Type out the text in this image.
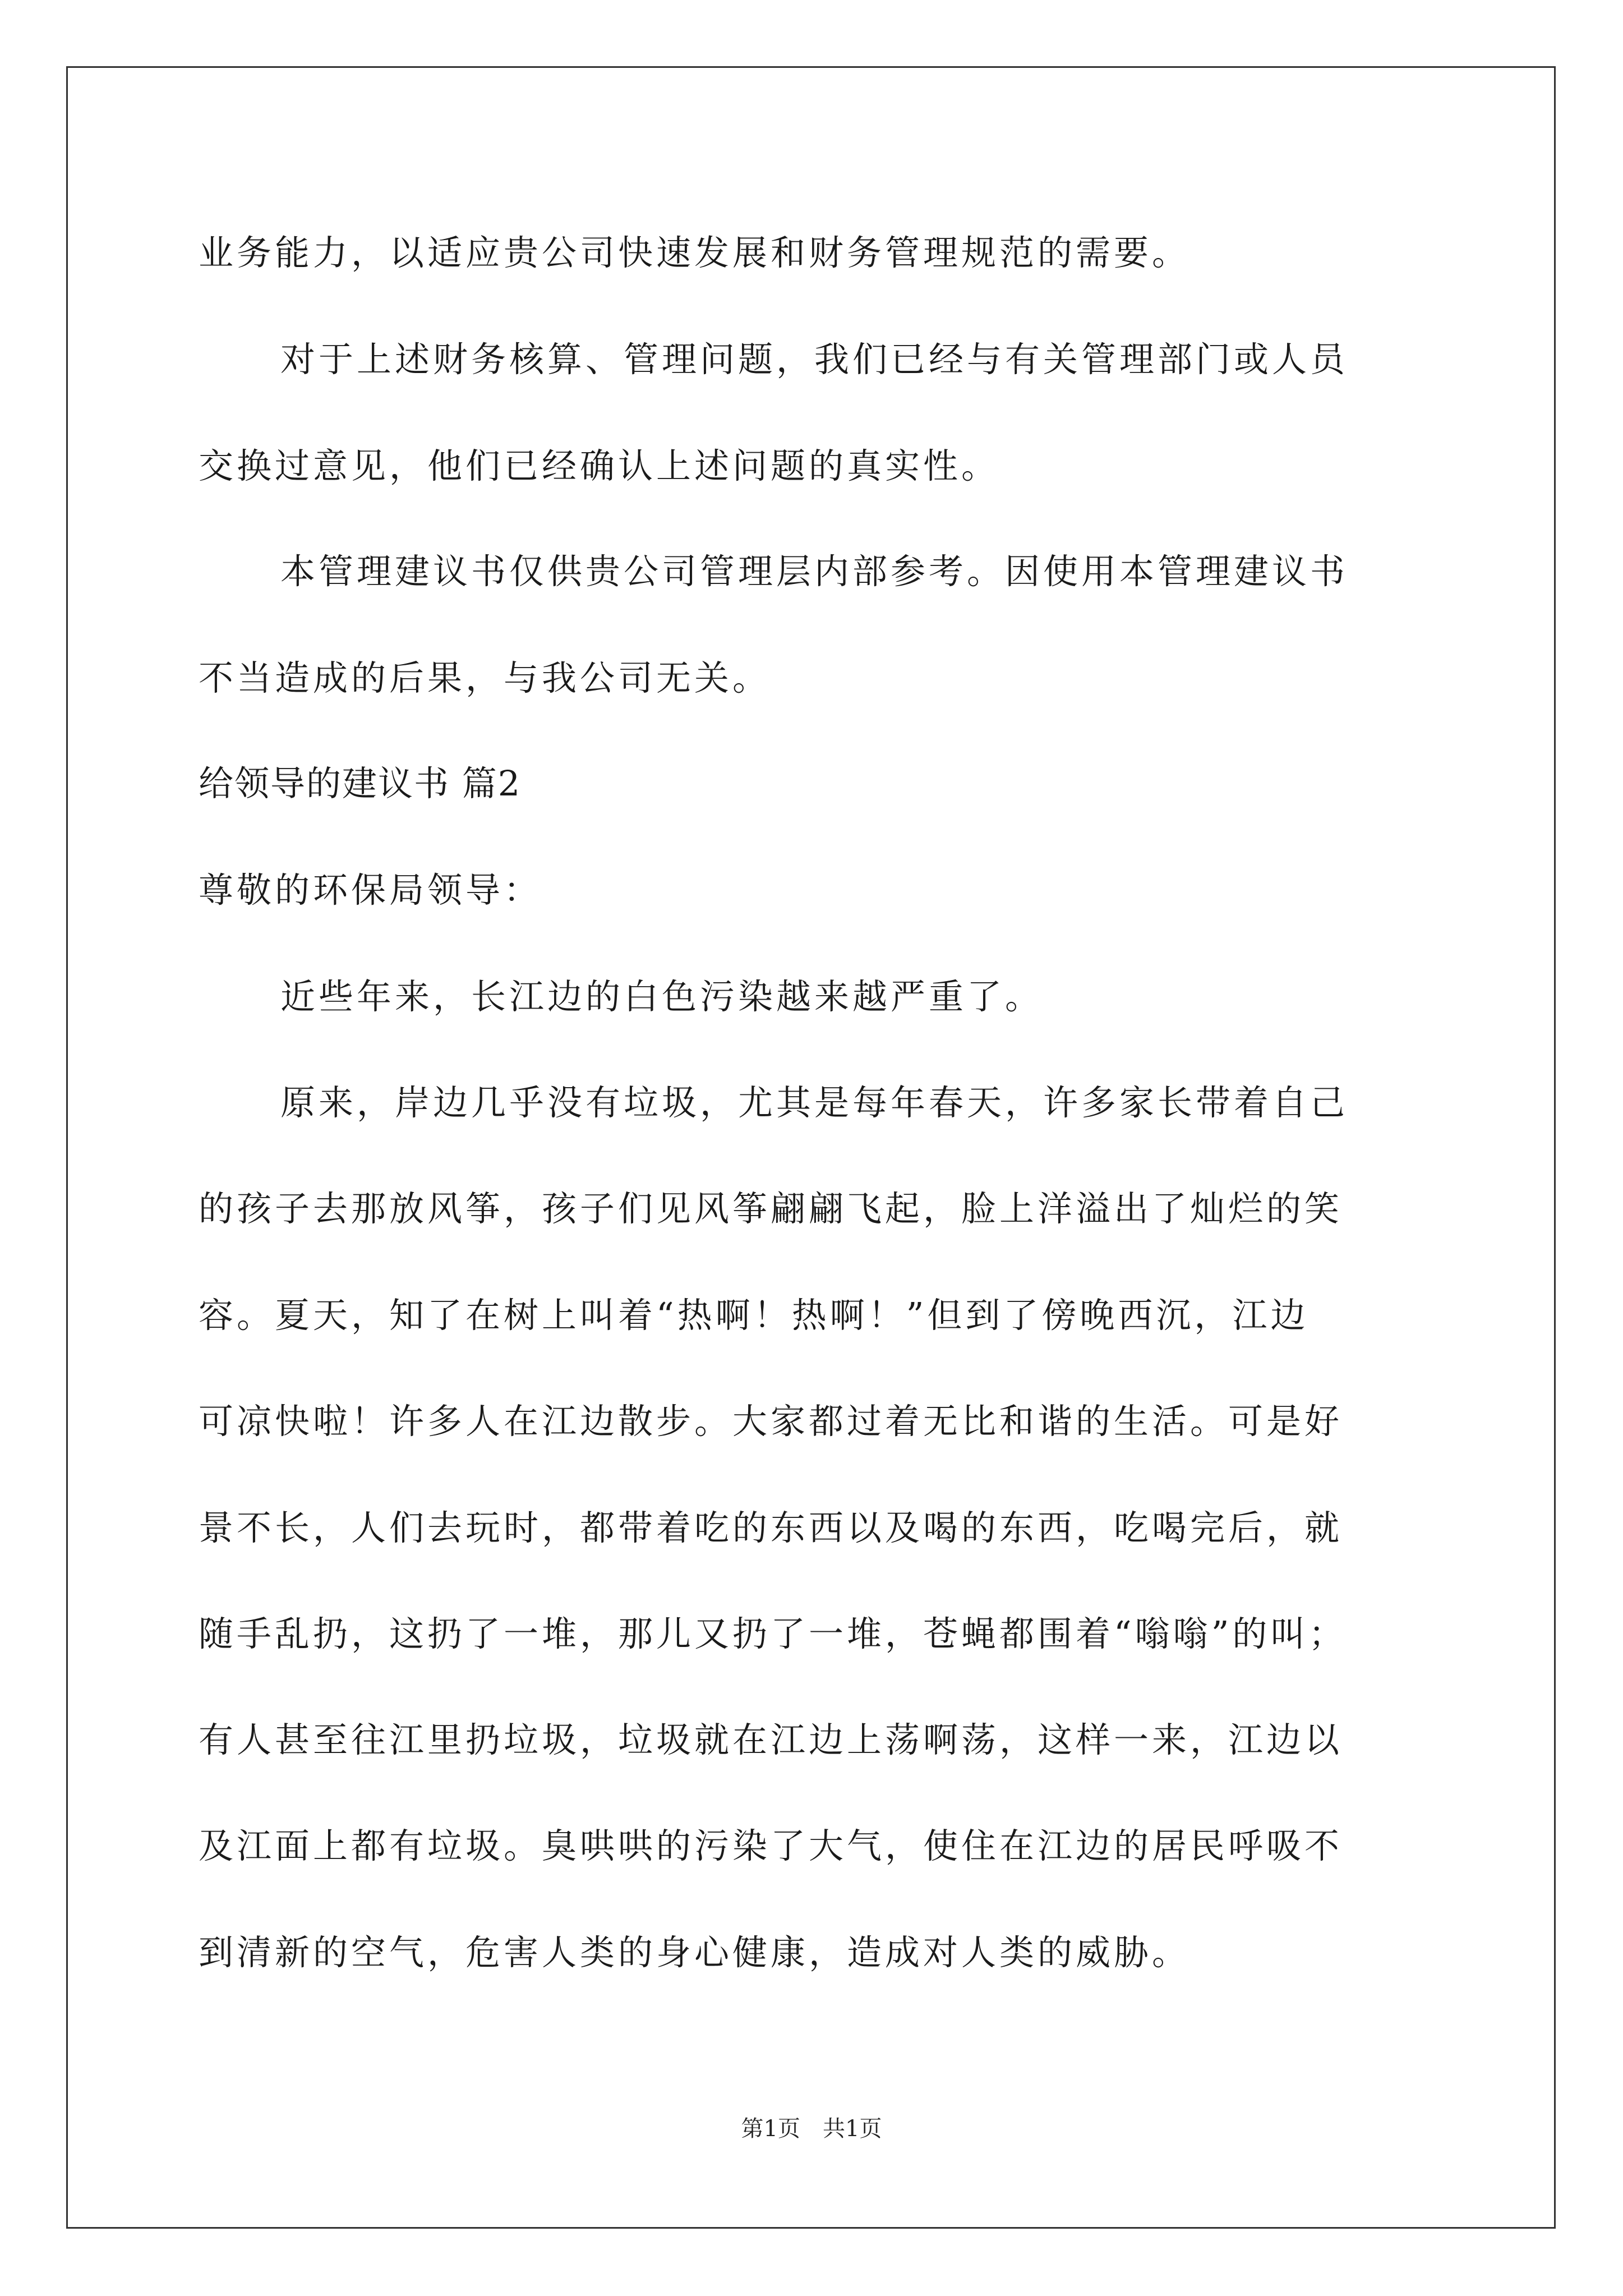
业务能力，以适应贵公司快速发展和财务管理规范的需要。
对于上述财务核算、管理问题，我们已经与有关管理部门或人员
交换过意见，他们已经确认上述问题的真实性。
本管理建议书仅供贵公司管理层内部参考。因使用本管理建议书
不当造成的后果，与我公司无关。
给领导的建议书 篇2
尊敬的环保局领导：
近些年来，长江边的白色污染越来越严重了。
原来，岸边几乎没有垃圾，尤其是每年春天，许多家长带着自己
的孩子去那放风筝，孩子们见风筝翩翩飞起，脸上洋溢出了灿烂的笑
容。夏天，知了在树上叫着“热啊！热啊！”但到了傍晚西沉，江边
可凉快啦！许多人在江边散步。大家都过着无比和谐的生活。可是好
景不长，人们去玩时，都带着吃的东西以及喝的东西，吃喝完后，就
随手乱扔，这扔了一堆，那儿又扔了一堆，苍蝇都围着“嗡嗡”的叫；
有人甚至往江里扔垃圾，垃圾就在江边上荡啊荡，这样一来，江边以
及江面上都有垃圾。臭哄哄的污染了大气，使住在江边的居民呼吸不
到清新的空气，危害人类的身心健康，造成对人类的威胁。
第1页　共1页
